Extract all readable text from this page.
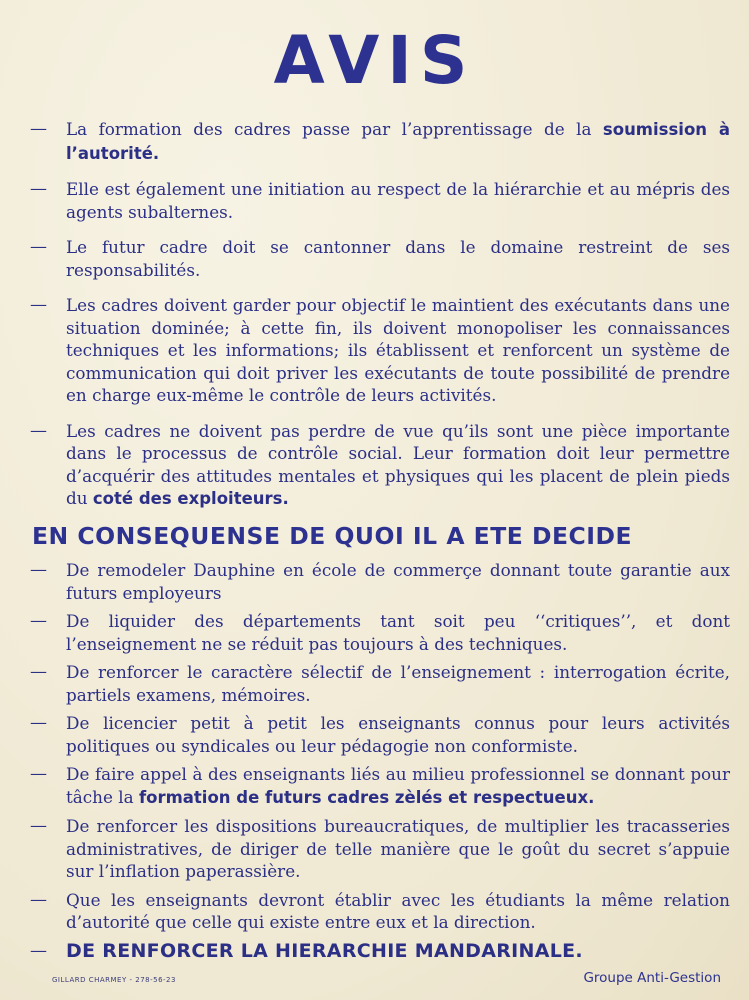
AVIS
—	La formation des cadres passe par l’apprentissage de la soumission à l’autorité.
—	Elle est également une initiation au respect de la hiérarchie et au mépris des agents subalternes.
—	Le futur cadre doit se cantonner dans le domaine restreint de ses responsabilités.
—	Les cadres doivent garder pour objectif le maintient des exécutants dans une situation dominée; à cette fin, ils doivent monopoliser les connaissances techniques et les informations; ils établissent et renforcent un système de communication qui doit priver les exécutants de toute possibilité de prendre en charge eux-même le contrôle de leurs activités.
—	Les cadres ne doivent pas perdre de vue qu’ils sont une pièce importante dans le processus de contrôle social. Leur formation doit leur permettre d’acquérir des attitudes mentales et physiques qui les placent de plein pieds du coté des exploiteurs.
EN CONSEQUENSE DE QUOI IL A ETE DECIDE
—	De remodeler Dauphine en école de commerçe donnant toute garantie aux futurs employeurs
—	De liquider des départements tant soit peu ‘‘critiques’’, et dont l’enseignement ne se réduit pas toujours à des techniques.
—	De renforcer le caractère sélectif de l’enseignement : interrogation écrite, partiels examens, mémoires.
—	De licencier petit à petit les enseignants connus pour leurs activités politiques ou syndicales ou leur pédagogie non conformiste.
—	De faire appel à des enseignants liés au milieu professionnel se donnant pour tâche la formation de futurs cadres zèlés et respectueux.
—	De renforcer les dispositions bureaucratiques, de multiplier les tracasseries administratives, de diriger de telle manière que le goût du secret s’appuie sur l’inflation paperassière.
—	Que les enseignants devront établir avec les étudiants la même relation d’autorité que celle qui existe entre eux et la direction.
—	DE RENFORCER LA HIERARCHIE MANDARINALE.
GILLARD CHARMEY - 278-56-23	Groupe Anti-Gestion
